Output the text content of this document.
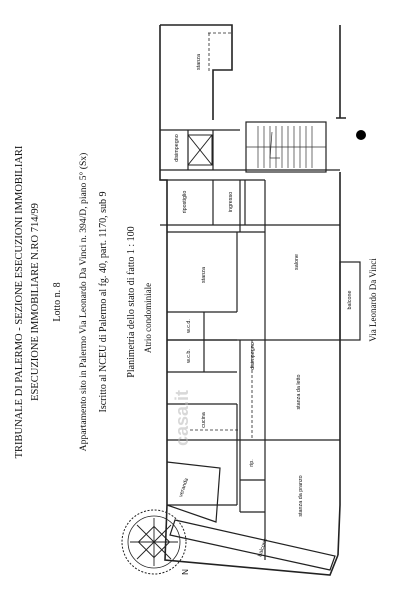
TRIBUNALE DI PALERMO - SEZIONE ESECUZIONI IMMOBILIARI ESECUZIONE IMMOBILIARE N.RO 714/99 Lotto n. 8 Appartamento sito in Palermo Via Leonardo Da Vinci n. 394/D, piano 5° (Sx) Iscritto al NCEU di Palermo al fg. 40, part. 1170, sub 9 Planimetria dello stato di fatto 1 : 100 Atrio condominiale
stanza
disimpegno
ripostiglio	ingresso
stanza
salone
w.c.d.
w.c.b.	disimpegno
cucina
stanza da letto
rip.
stanza da pranzo
veranda
balcone
balcone
Via Leonardo Da Vinci
casa.it
N
